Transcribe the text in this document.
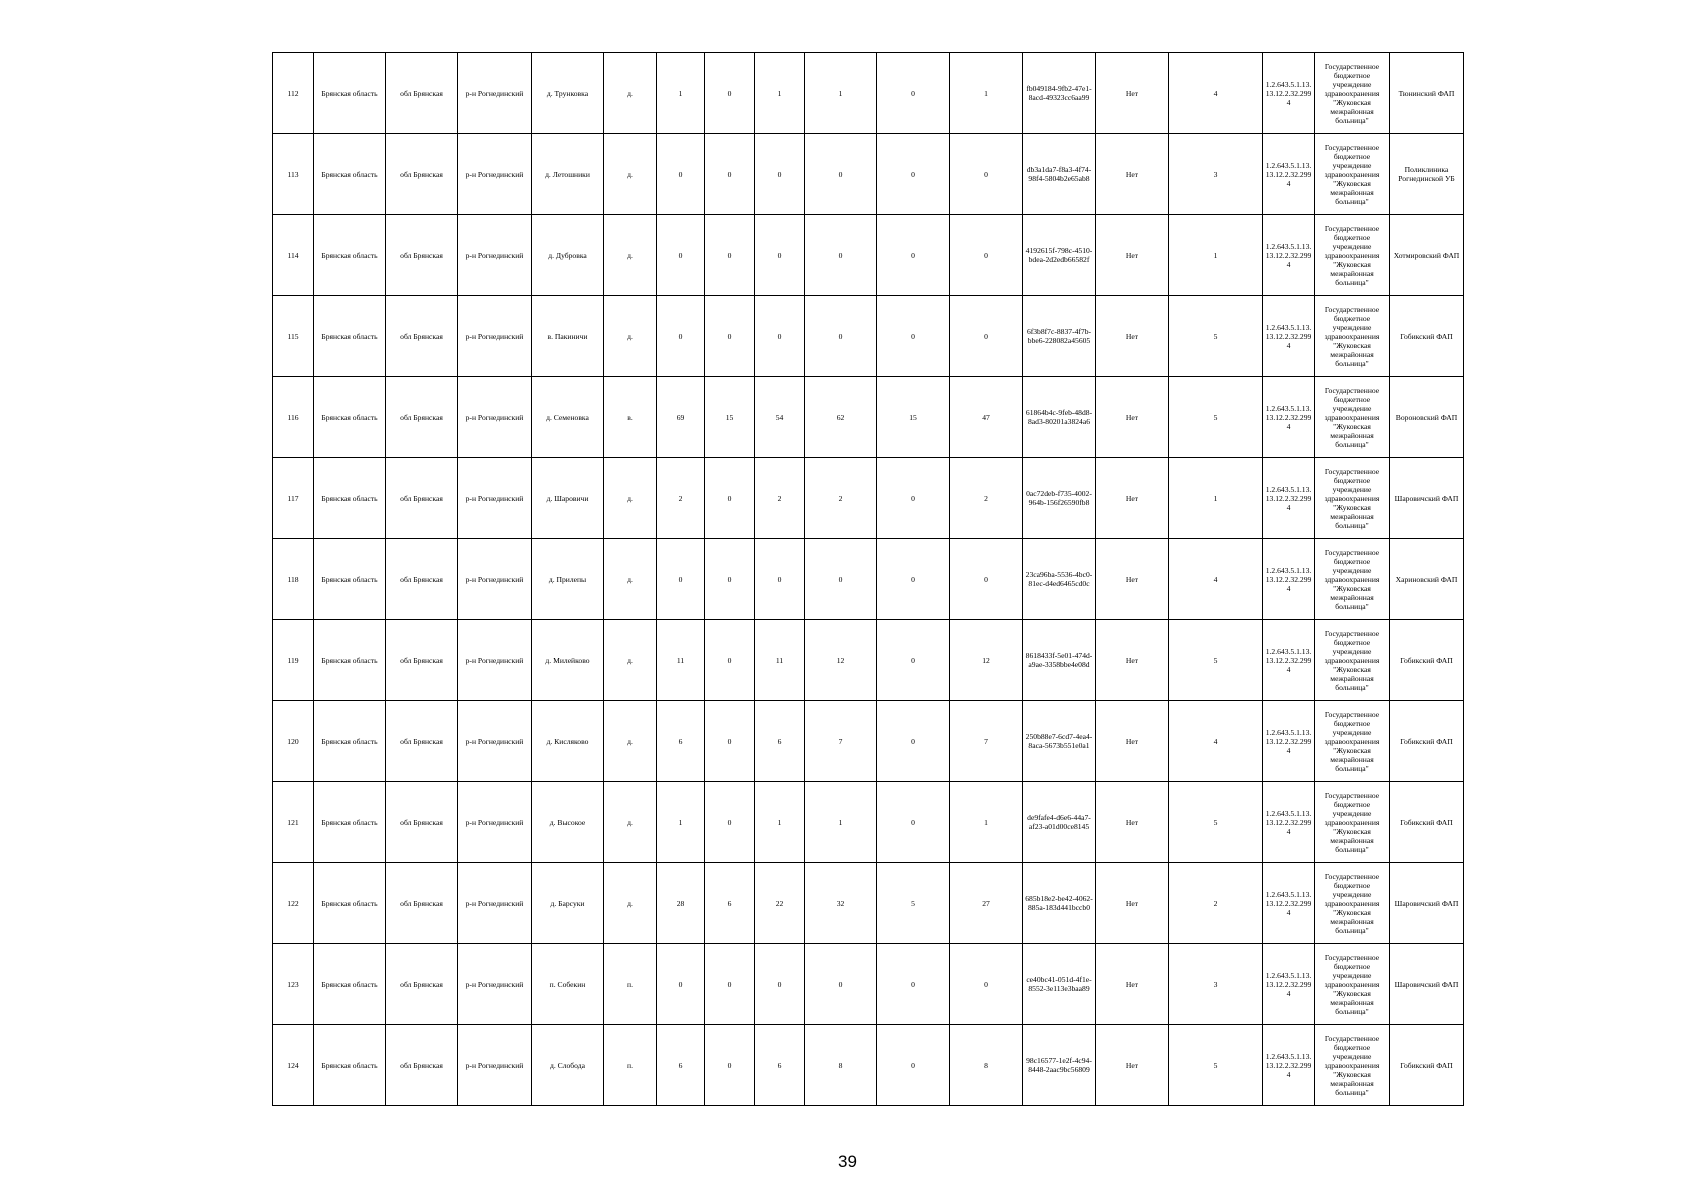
112	Брянская область	обл Брянская	р-н Рогнединский	д. Трунковка	д.	1	0	1	1	0	1	fb049184-9fb2-47e1-8acd-49323cc6aa99	Нет	4	1.2.643.5.1.13.13.12.2.32.2994	Государственное бюджетное учреждение здравоохранения "Жуковская межрайонная больница"	Тюнинский ФАП
113	Брянская область	обл Брянская	р-н Рогнединский	д. Летошники	д.	0	0	0	0	0	0	db3a1da7-f8a3-4f74-98f4-5804b2e65ab8	Нет	3	1.2.643.5.1.13.13.12.2.32.2994	Государственное бюджетное учреждение здравоохранения "Жуковская межрайонная больница"	Поликлиника Рогнединской УБ
114	Брянская область	обл Брянская	р-н Рогнединский	д. Дубровка	д.	0	0	0	0	0	0	4192615f-798c-4510-bdea-2d2edb66582f	Нет	1	1.2.643.5.1.13.13.12.2.32.2994	Государственное бюджетное учреждение здравоохранения "Жуковская межрайонная больница"	Хотмировский ФАП
115	Брянская область	обл Брянская	р-н Рогнединский	в. Пакиничи	д.	0	0	0	0	0	0	6f3b8f7c-8837-4f7b-bbe6-228082a45605	Нет	5	1.2.643.5.1.13.13.12.2.32.2994	Государственное бюджетное учреждение здравоохранения "Жуковская межрайонная больница"	Гобикский ФАП
116	Брянская область	обл Брянская	р-н Рогнединский	д. Семеновка	в.	69	15	54	62	15	47	61864b4c-9feb-48d8-8ad3-80201a3824a6	Нет	5	1.2.643.5.1.13.13.12.2.32.2994	Государственное бюджетное учреждение здравоохранения "Жуковская межрайонная больница"	Вороновский ФАП
117	Брянская область	обл Брянская	р-н Рогнединский	д. Шаровичи	д.	2	0	2	2	0	2	0ac72deb-f735-4002-964b-156f26590fb8	Нет	1	1.2.643.5.1.13.13.12.2.32.2994	Государственное бюджетное учреждение здравоохранения "Жуковская межрайонная больница"	Шаровичский ФАП
118	Брянская область	обл Брянская	р-н Рогнединский	д. Прилепы	д.	0	0	0	0	0	0	23ca96ba-5536-4bc0-81ec-d4ed6465cd0c	Нет	4	1.2.643.5.1.13.13.12.2.32.2994	Государственное бюджетное учреждение здравоохранения "Жуковская межрайонная больница"	Хариновский ФАП
119	Брянская область	обл Брянская	р-н Рогнединский	д. Милейково	д.	11	0	11	12	0	12	8618433f-5e01-474d-a9ae-3358bbe4e08d	Нет	5	1.2.643.5.1.13.13.12.2.32.2994	Государственное бюджетное учреждение здравоохранения "Жуковская межрайонная больница"	Гобикский ФАП
120	Брянская область	обл Брянская	р-н Рогнединский	д. Кисляково	д.	6	0	6	7	0	7	250b88e7-6cd7-4ea4-8aca-5673b551e0a1	Нет	4	1.2.643.5.1.13.13.12.2.32.2994	Государственное бюджетное учреждение здравоохранения "Жуковская межрайонная больница"	Гобикский ФАП
121	Брянская область	обл Брянская	р-н Рогнединский	д. Высокое	д.	1	0	1	1	0	1	de9fafe4-d6e6-44a7-af23-a01d00ce8145	Нет	5	1.2.643.5.1.13.13.12.2.32.2994	Государственное бюджетное учреждение здравоохранения "Жуковская межрайонная больница"	Гобикский ФАП
122	Брянская область	обл Брянская	р-н Рогнединский	д. Барсуки	д.	28	6	22	32	5	27	685b18e2-be42-4062-885a-183d441bccb0	Нет	2	1.2.643.5.1.13.13.12.2.32.2994	Государственное бюджетное учреждение здравоохранения "Жуковская межрайонная больница"	Шаровичский ФАП
123	Брянская область	обл Брянская	р-н Рогнединский	п. Собекин	п.	0	0	0	0	0	0	ce40bc41-051d-4f1e-8552-3e113e3baa89	Нет	3	1.2.643.5.1.13.13.12.2.32.2994	Государственное бюджетное учреждение здравоохранения "Жуковская межрайонная больница"	Шаровичский ФАП
124	Брянская область	обл Брянская	р-н Рогнединский	д. Слобода	п.	6	0	6	8	0	8	98c16577-1e2f-4c94-8448-2aac9bc56809	Нет	5	1.2.643.5.1.13.13.12.2.32.2994	Государственное бюджетное учреждение здравоохранения "Жуковская межрайонная больница"	Гобикский ФАП
39
